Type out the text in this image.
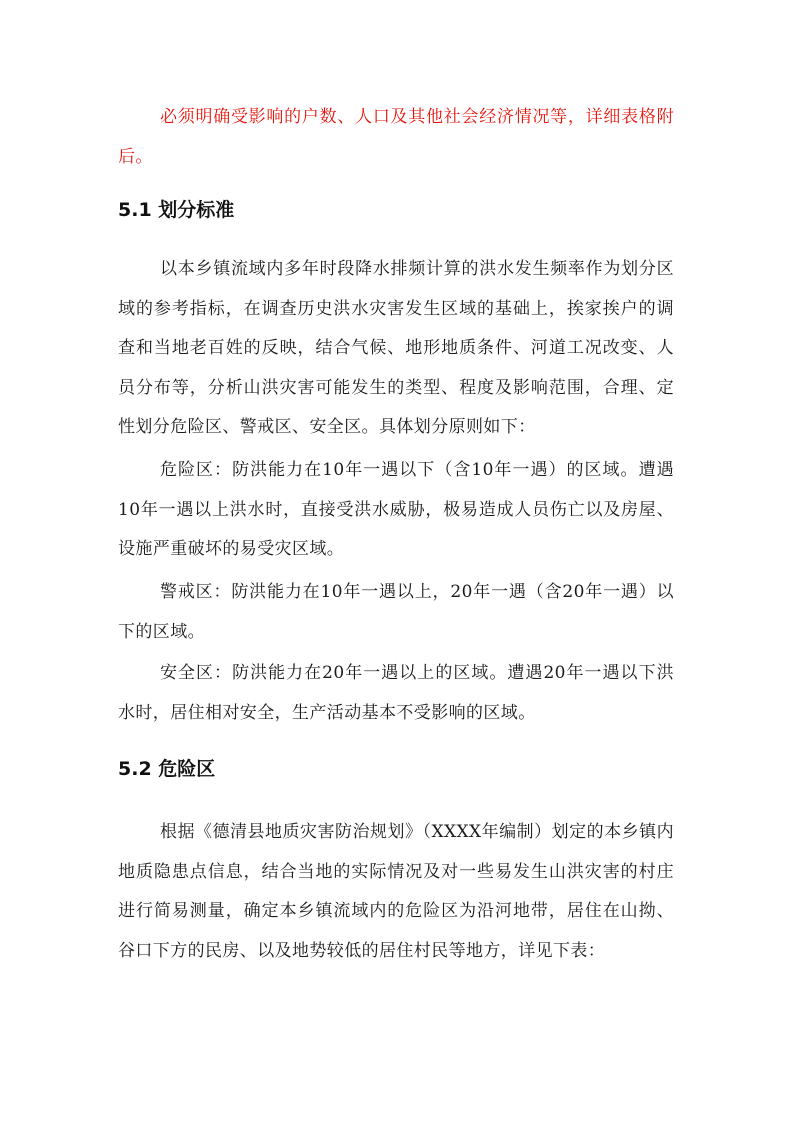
必须明确受影响的户数、人口及其他社会经济情况等，详细表格附后。

5.1 划分标准

以本乡镇流域内多年时段降水排频计算的洪水发生频率作为划分区域的参考指标，在调查历史洪水灾害发生区域的基础上，挨家挨户的调查和当地老百姓的反映，结合气候、地形地质条件、河道工况改变、人员分布等，分析山洪灾害可能发生的类型、程度及影响范围，合理、定性划分危险区、警戒区、安全区。具体划分原则如下：

危险区：防洪能力在10年一遇以下（含10年一遇）的区域。遭遇10年一遇以上洪水时，直接受洪水威胁，极易造成人员伤亡以及房屋、设施严重破坏的易受灾区域。

警戒区：防洪能力在10年一遇以上，20年一遇（含20年一遇）以下的区域。

安全区：防洪能力在20年一遇以上的区域。遭遇20年一遇以下洪水时，居住相对安全，生产活动基本不受影响的区域。

5.2 危险区

根据《德清县地质灾害防治规划》（XXXX年编制）划定的本乡镇内地质隐患点信息，结合当地的实际情况及对一些易发生山洪灾害的村庄进行简易测量，确定本乡镇流域内的危险区为沿河地带，居住在山拗、谷口下方的民房、以及地势较低的居住村民等地方，详见下表：
